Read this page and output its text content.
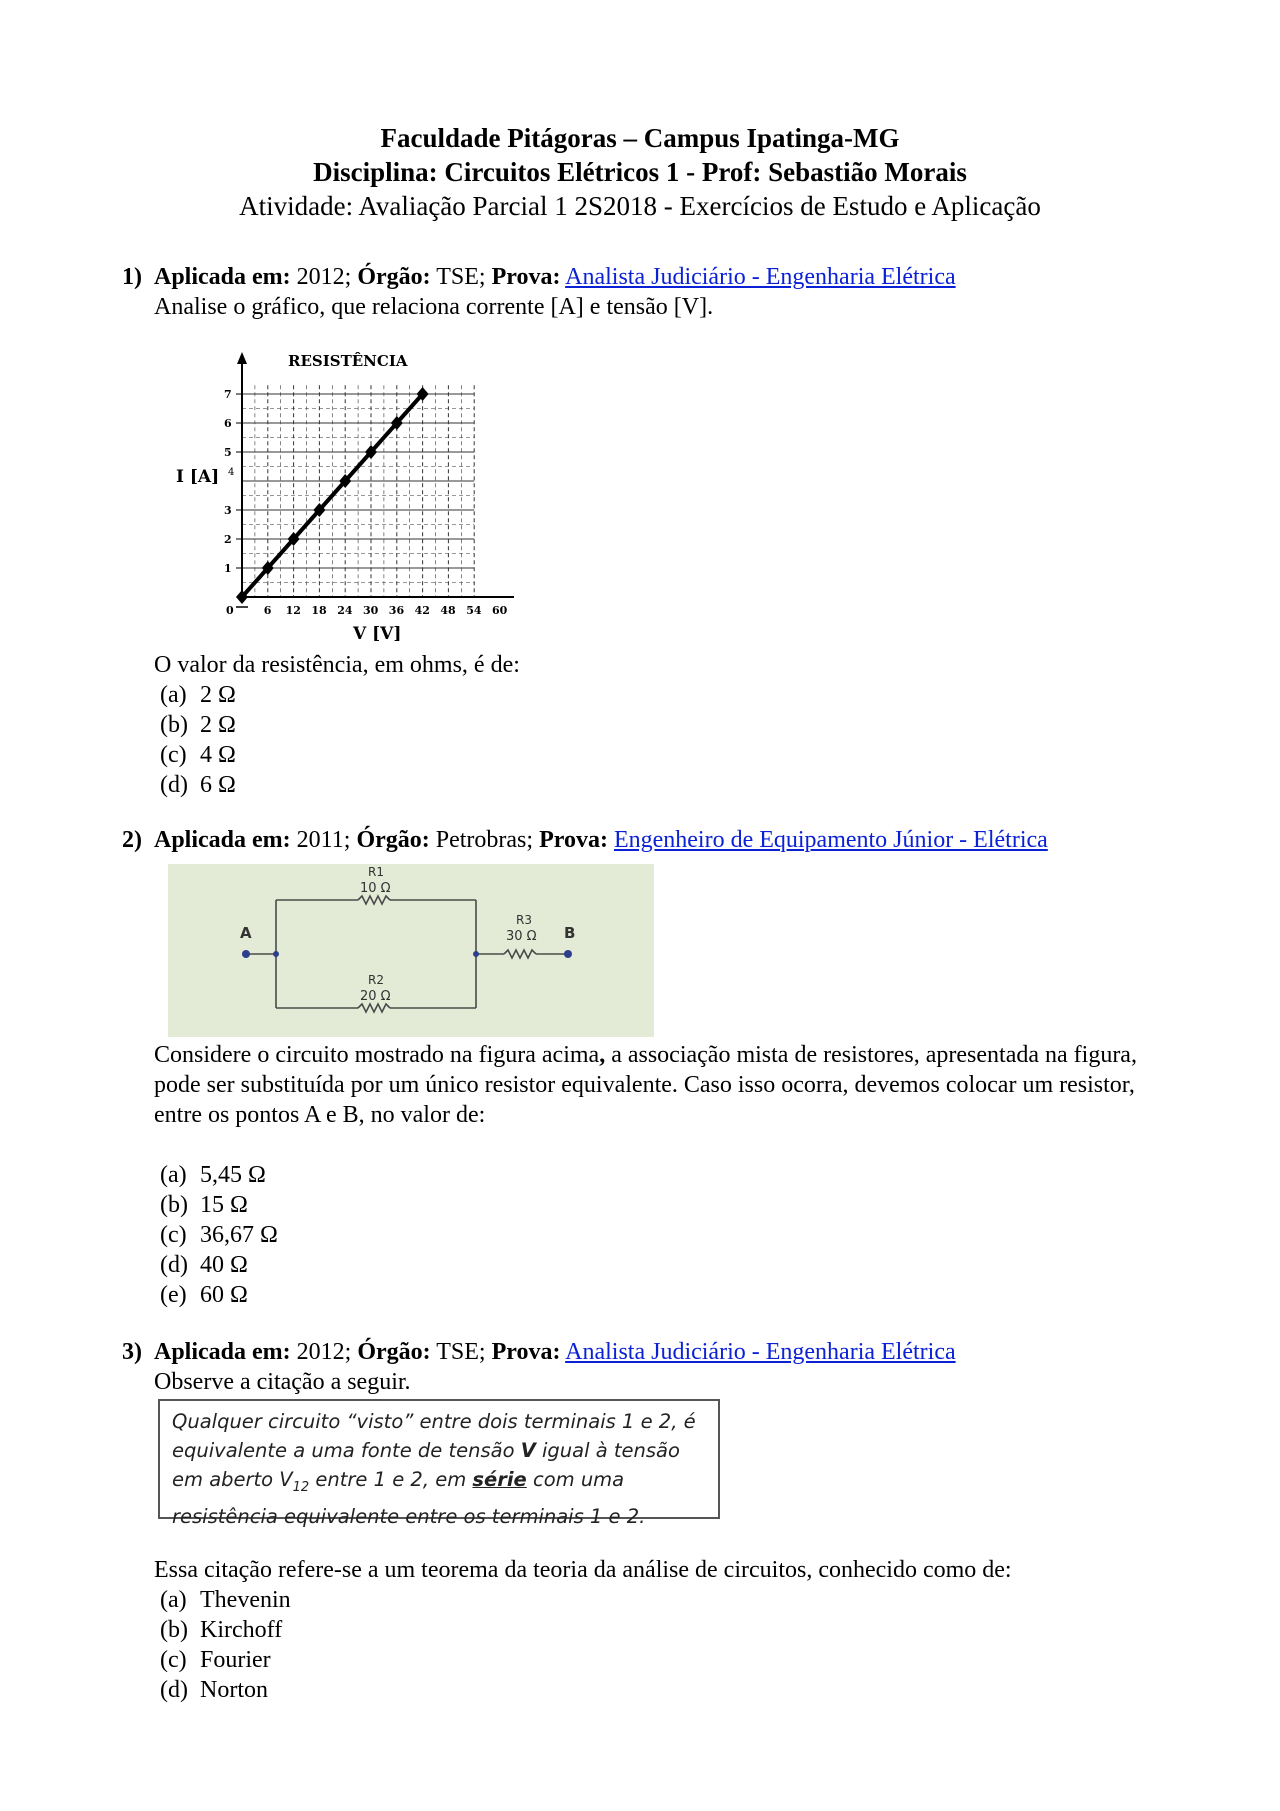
Faculdade Pitágoras – Campus Ipatinga-MG
Disciplina: Circuitos Elétricos 1 - Prof: Sebastião Morais
Atividade: Avaliação Parcial 1 2S2018 - Exercícios de Estudo e Aplicação
1) Aplicada em: 2012; Órgão: TSE; Prova: Analista Judiciário - Engenharia Elétrica
Analise o gráfico, que relaciona corrente [A] e tensão [V].
RESISTÊNCIA
0	6 12 18 24 30 36 42 48 54 60
1
2
3
5
6
7
I [A] 4
V [V]
O valor da resistência, em ohms, é de:
(a) 2 Ω
(b) 2 Ω
(c) 4 Ω
(d) 6 Ω
2) Aplicada em: 2011; Órgão: Petrobras; Prova: Engenheiro de Equipamento Júnior - Elétrica
A	B
R1
10 Ω
R2
20 Ω
R3
30 Ω
Considere o circuito mostrado na figura acima, a associação mista de resistores, apresentada na figura, pode ser substituída por um único resistor equivalente. Caso isso ocorra, devemos colocar um resistor, entre os pontos A e B, no valor de:
(a) 5,45 Ω
(b) 15 Ω
(c) 36,67 Ω
(d) 40 Ω
(e) 60 Ω
3) Aplicada em: 2012; Órgão: TSE; Prova: Analista Judiciário - Engenharia Elétrica
Observe a citação a seguir.
Qualquer circuito “visto” entre dois terminais 1 e 2, é equivalente a uma fonte de tensão V igual à tensão em aberto $V_{12}$ entre 1 e 2, em série com uma resistência equivalente entre os terminais 1 e 2.
Essa citação refere-se a um teorema da teoria da análise de circuitos, conhecido como de:
(a) Thevenin
(b) Kirchoff
(c) Fourier
(d) Norton
